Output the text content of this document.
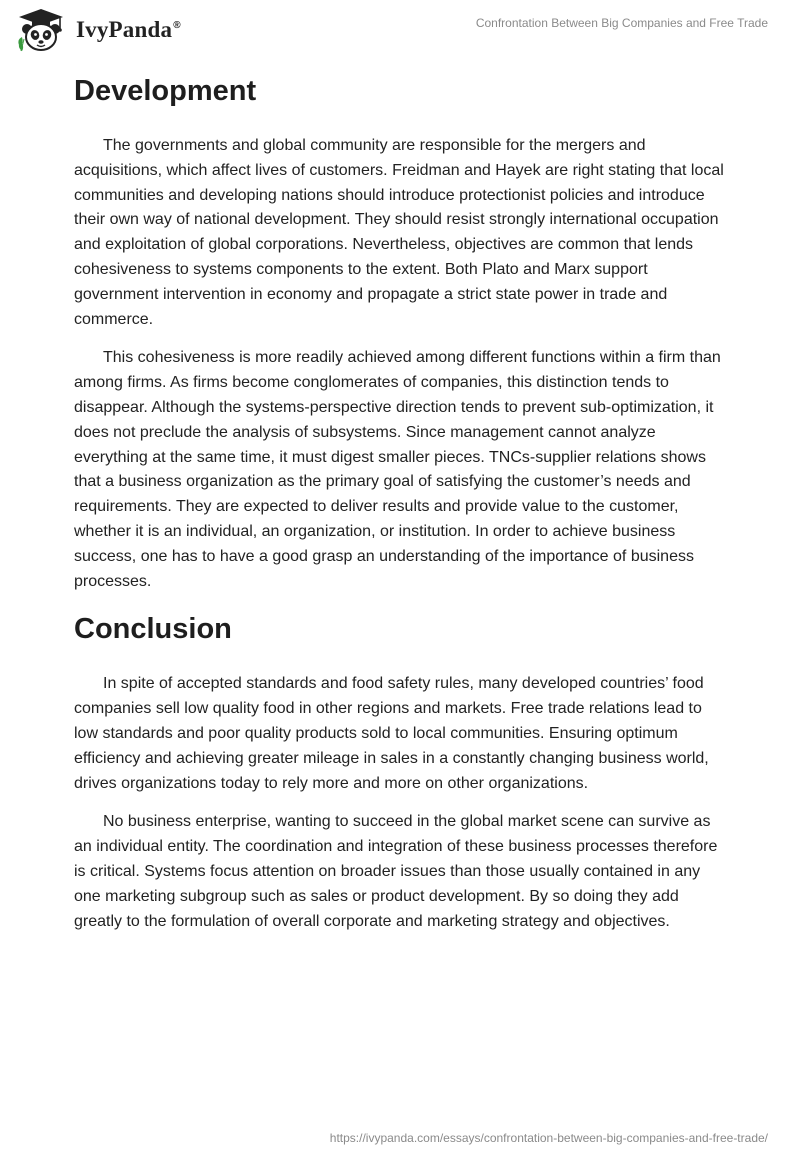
IvyPanda®	Confrontation Between Big Companies and Free Trade
Development

The governments and global community are responsible for the mergers and acquisitions, which affect lives of customers. Freidman and Hayek are right stating that local communities and developing nations should introduce protectionist policies and introduce their own way of national development. They should resist strongly international occupation and exploitation of global corporations. Nevertheless, objectives are common that lends cohesiveness to systems components to the extent. Both Plato and Marx support government intervention in economy and propagate a strict state power in trade and commerce.

This cohesiveness is more readily achieved among different functions within a firm than among firms. As firms become conglomerates of companies, this distinction tends to disappear. Although the systems-perspective direction tends to prevent sub-optimization, it does not preclude the analysis of subsystems. Since management cannot analyze everything at the same time, it must digest smaller pieces. TNCs-supplier relations shows that a business organization as the primary goal of satisfying the customer’s needs and requirements. They are expected to deliver results and provide value to the customer, whether it is an individual, an organization, or institution. In order to achieve business success, one has to have a good grasp an understanding of the importance of business processes.

Conclusion

In spite of accepted standards and food safety rules, many developed countries’ food companies sell low quality food in other regions and markets. Free trade relations lead to low standards and poor quality products sold to local communities. Ensuring optimum efficiency and achieving greater mileage in sales in a constantly changing business world, drives organizations today to rely more and more on other organizations.

No business enterprise, wanting to succeed in the global market scene can survive as an individual entity. The coordination and integration of these business processes therefore is critical. Systems focus attention on broader issues than those usually contained in any one marketing subgroup such as sales or product development. By so doing they add greatly to the formulation of overall corporate and marketing strategy and objectives.

https://ivypanda.com/essays/confrontation-between-big-companies-and-free-trade/
